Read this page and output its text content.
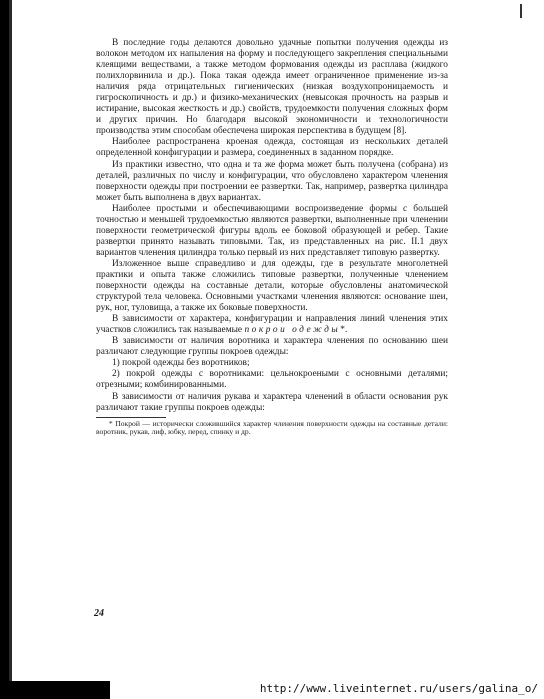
В последние годы делаются довольно удачные попытки получения одежды из волокон методом их напыления на форму и последующего закрепления специальными клеящими веществами, а также методом формования одежды из расплава (жидкого полихлорвинила и др.). Пока такая одежда имеет ограниченное применение из-за наличия ряда отрицательных гигиенических (низкая воздухопроницаемость и гигроскопичность и др.) и физико-механических (невысокая прочность на разрыв и истирание, высокая жесткость и др.) свойств, трудоемкости получения сложных форм и других причин. Но благодаря высокой экономичности и технологичности производства этим способам обеспечена широкая перспектива в будущем [8].

Наиболее распространена кроеная одежда, состоящая из нескольких деталей определенной конфигурации и размера, соединенных в заданном порядке.

Из практики известно, что одна и та же форма может быть получена (собрана) из деталей, различных по числу и конфигурации, что обусловлено характером членения поверхности одежды при построении ее развертки. Так, например, развертка цилиндра может быть выполнена в двух вариантах.

Наиболее простыми и обеспечивающими воспроизведение формы с большей точностью и меньшей трудоемкостью являются развертки, выполненные при членении поверхности геометрической фигуры вдоль ее боковой образующей и ребер. Такие развертки принято называть типовыми. Так, из представленных на рис. II.1 двух вариантов членения цилиндра только первый из них представляет типовую развертку.

Изложенное выше справедливо и для одежды, где в результате многолетней практики и опыта также сложились типовые развертки, полученные членением поверхности одежды на составные детали, которые обусловлены анатомической структурой тела человека. Основными участками членения являются: основание шеи, рук, ног, туловища, а также их боковые поверхности.

В зависимости от характера, конфигурации и направления линий членения этих участков сложились так называемые покрои одежды*.

В зависимости от наличия воротника и характера членения по основанию шеи различают следующие группы покроев одежды:

1) покрой одежды без воротников;

2) покрой одежды с воротниками: цельнокроеными с основными деталями; отрезными; комбинированными.

В зависимости от наличия рукава и характера членений в области основания рук различают такие группы покроев одежды:

* Покрой — исторически сложившийся характер членения поверхности одежды на составные детали: воротник, рукав, лиф, юбку, перед, спинку и др.

24
http://www.liveinternet.ru/users/galina_o/
